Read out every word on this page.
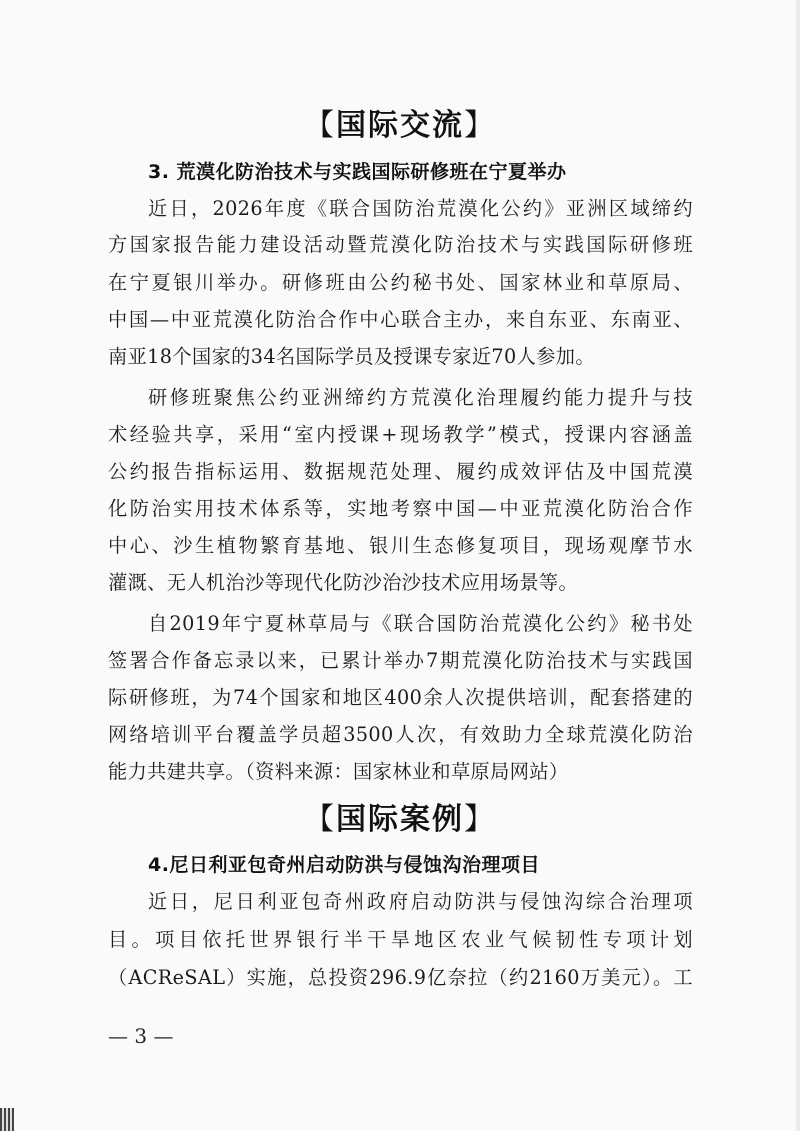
【国际交流】
3. 荒漠化防治技术与实践国际研修班在宁夏举办
近日，2026年度《联合国防治荒漠化公约》亚洲区域缔约
方国家报告能力建设活动暨荒漠化防治技术与实践国际研修班
在宁夏银川举办。研修班由公约秘书处、国家林业和草原局、
中国—中亚荒漠化防治合作中心联合主办，来自东亚、东南亚、
南亚18个国家的34名国际学员及授课专家近70人参加。
研修班聚焦公约亚洲缔约方荒漠化治理履约能力提升与技
术经验共享，采用“室内授课+现场教学”模式，授课内容涵盖
公约报告指标运用、数据规范处理、履约成效评估及中国荒漠
化防治实用技术体系等，实地考察中国—中亚荒漠化防治合作
中心、沙生植物繁育基地、银川生态修复项目，现场观摩节水
灌溉、无人机治沙等现代化防沙治沙技术应用场景等。
自2019年宁夏林草局与《联合国防治荒漠化公约》秘书处
签署合作备忘录以来，已累计举办7期荒漠化防治技术与实践国
际研修班，为74个国家和地区400余人次提供培训，配套搭建的
网络培训平台覆盖学员超3500人次，有效助力全球荒漠化防治
能力共建共享。（资料来源：国家林业和草原局网站）
【国际案例】
4.尼日利亚包奇州启动防洪与侵蚀沟治理项目
近日，尼日利亚包奇州政府启动防洪与侵蚀沟综合治理项
目。项目依托世界银行半干旱地区农业气候韧性专项计划
（ACReSAL）实施，总投资296.9亿奈拉（约2160万美元）。工
— 3 —
